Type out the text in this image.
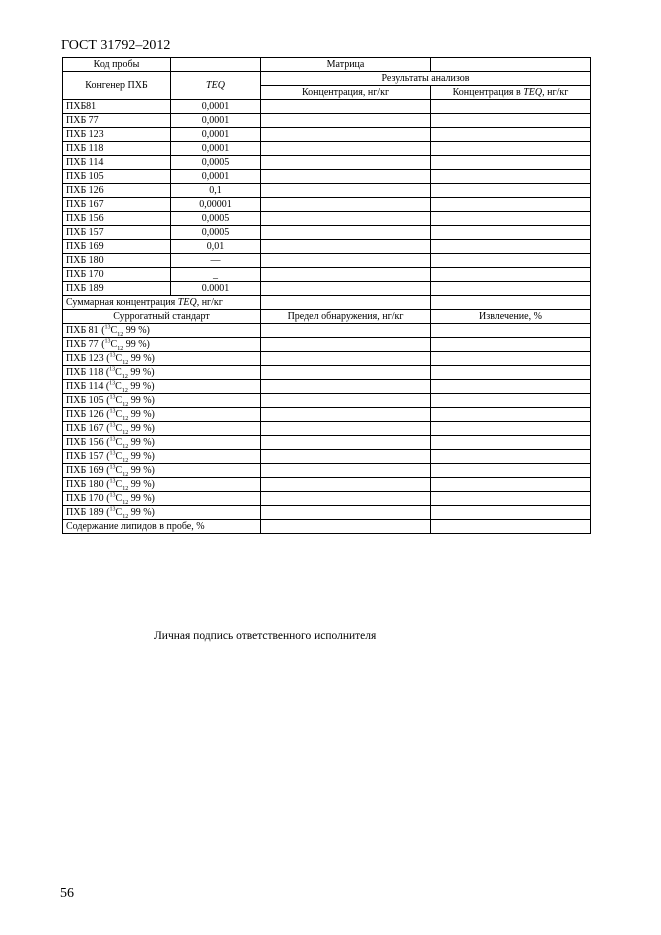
ГОСТ 31792–2012
Код пробы		Матрица	
Конгенер ПХБ	TEQ	Результаты анализов	
		Концентрация, нг/кг	Концентрация в TEQ, нг/кг
ПХБ81	0,0001		
ПХБ 77	0,0001		
ПХБ 123	0,0001		
ПХБ 118	0,0001		
ПХБ 114	0,0005		
ПХБ 105	0,0001		
ПХБ 126	0,1		
ПХБ 167	0,00001		
ПХБ 156	0,0005		
ПХБ 157	0,0005		
ПХБ 169	0,01		
ПХБ 180	—		
ПХБ 170	_		
ПХБ 189	0.0001		
Суммарная концентрация TEQ, нг/кг			
Суррогатный стандарт		Предел обнаружения, нг/кг	Извлечение, %
ПХБ 81 ($^{13}C_{12}$ 99 %)			
ПХБ 77 ($^{13}C_{12}$ 99 %)			
ПХБ 123 ($^{13}C_{12}$ 99 %)			
ПХБ 118 ($^{13}C_{12}$ 99 %)			
ПХБ 114 ($^{13}C_{12}$ 99 %)			
ПХБ 105 ($^{13}C_{12}$ 99 %)			
ПХБ 126 ($^{13}C_{12}$ 99 %)			
ПХБ 167 ($^{13}C_{12}$ 99 %)			
ПХБ 156 ($^{13}C_{12}$ 99 %)			
ПХБ 157 ($^{13}C_{12}$ 99 %)			
ПХБ 169 ($^{13}C_{12}$ 99 %)			
ПХБ 180 ($^{13}C_{12}$ 99 %)			
ПХБ 170 ($^{13}C_{12}$ 99 %)			
ПХБ 189 ($^{13}C_{12}$ 99 %)			
Содержание липидов в пробе, %			
Личная подпись ответственного исполнителя
56
